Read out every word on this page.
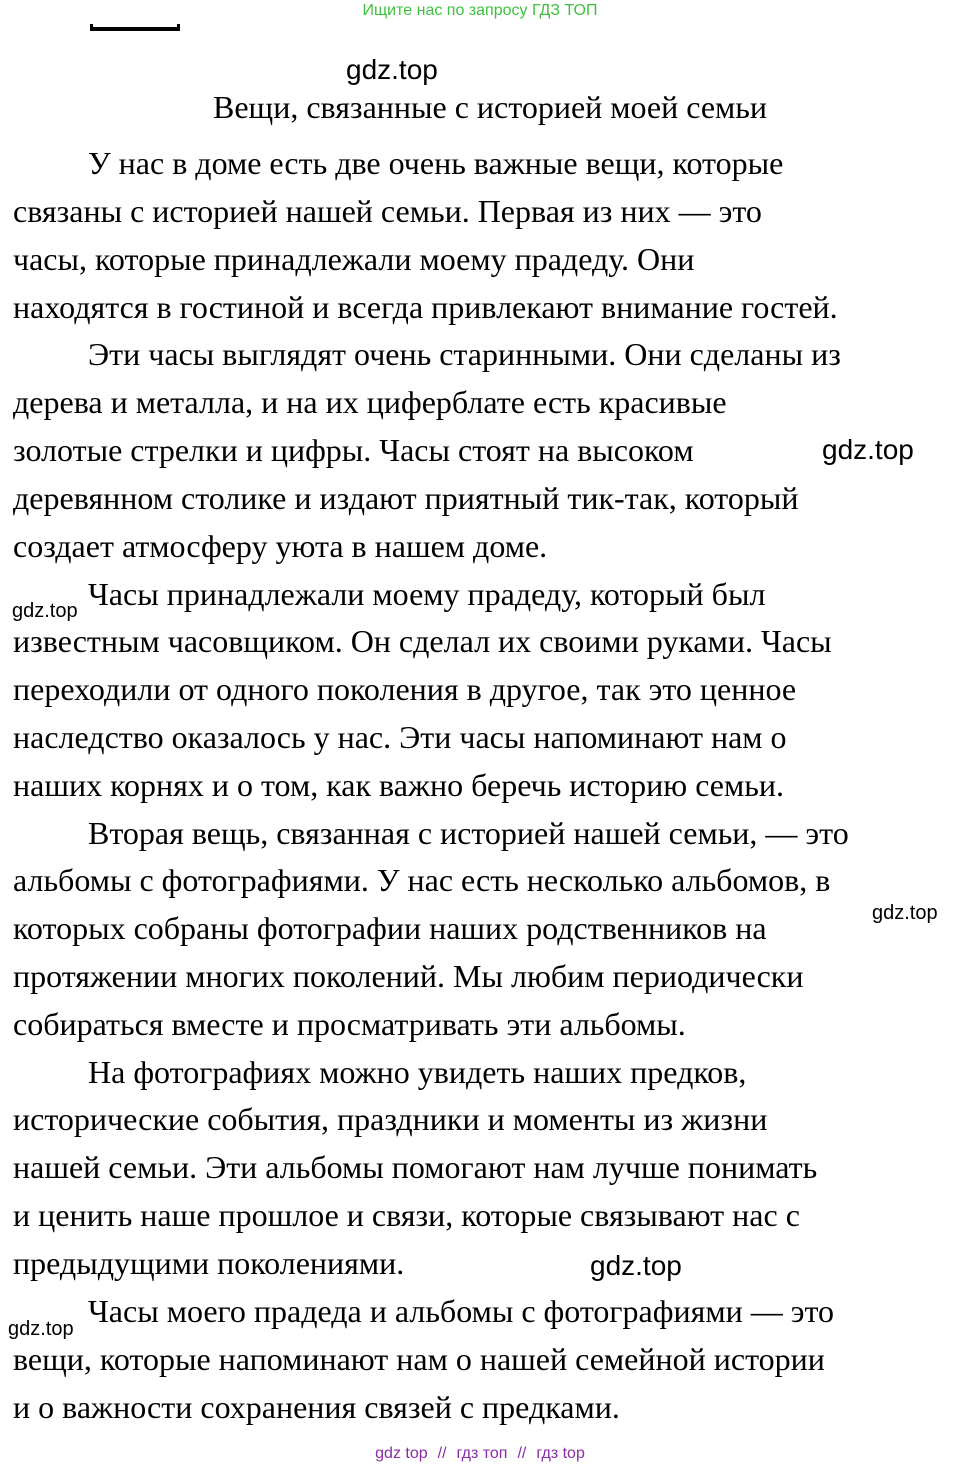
Ищите нас по запросу ГДЗ ТОП
gdz.top
gdz.top
gdz.top
gdz.top
gdz.top
gdz.top
Вещи, связанные с историей моей семьи
У нас в доме есть две очень важные вещи, которые
связаны с историей нашей семьи. Первая из них — это
часы, которые принадлежали моему прадеду. Они
находятся в гостиной и всегда привлекают внимание гостей.
Эти часы выглядят очень старинными. Они сделаны из
дерева и металла, и на их циферблате есть красивые
золотые стрелки и цифры. Часы стоят на высоком
деревянном столике и издают приятный тик-так, который
создает атмосферу уюта в нашем доме.
Часы принадлежали моему прадеду, который был
известным часовщиком. Он сделал их своими руками. Часы
переходили от одного поколения в другое, так это ценное
наследство оказалось у нас. Эти часы напоминают нам о
наших корнях и о том, как важно беречь историю семьи.
Вторая вещь, связанная с историей нашей семьи, — это
альбомы с фотографиями. У нас есть несколько альбомов, в
которых собраны фотографии наших родственников на
протяжении многих поколений. Мы любим периодически
собираться вместе и просматривать эти альбомы.
На фотографиях можно увидеть наших предков,
исторические события, праздники и моменты из жизни
нашей семьи. Эти альбомы помогают нам лучше понимать
и ценить наше прошлое и связи, которые связывают нас с
предыдущими поколениями.
Часы моего прадеда и альбомы с фотографиями — это
вещи, которые напоминают нам о нашей семейной истории
и о важности сохранения связей с предками.
gdz top // гдз топ // гдз top
